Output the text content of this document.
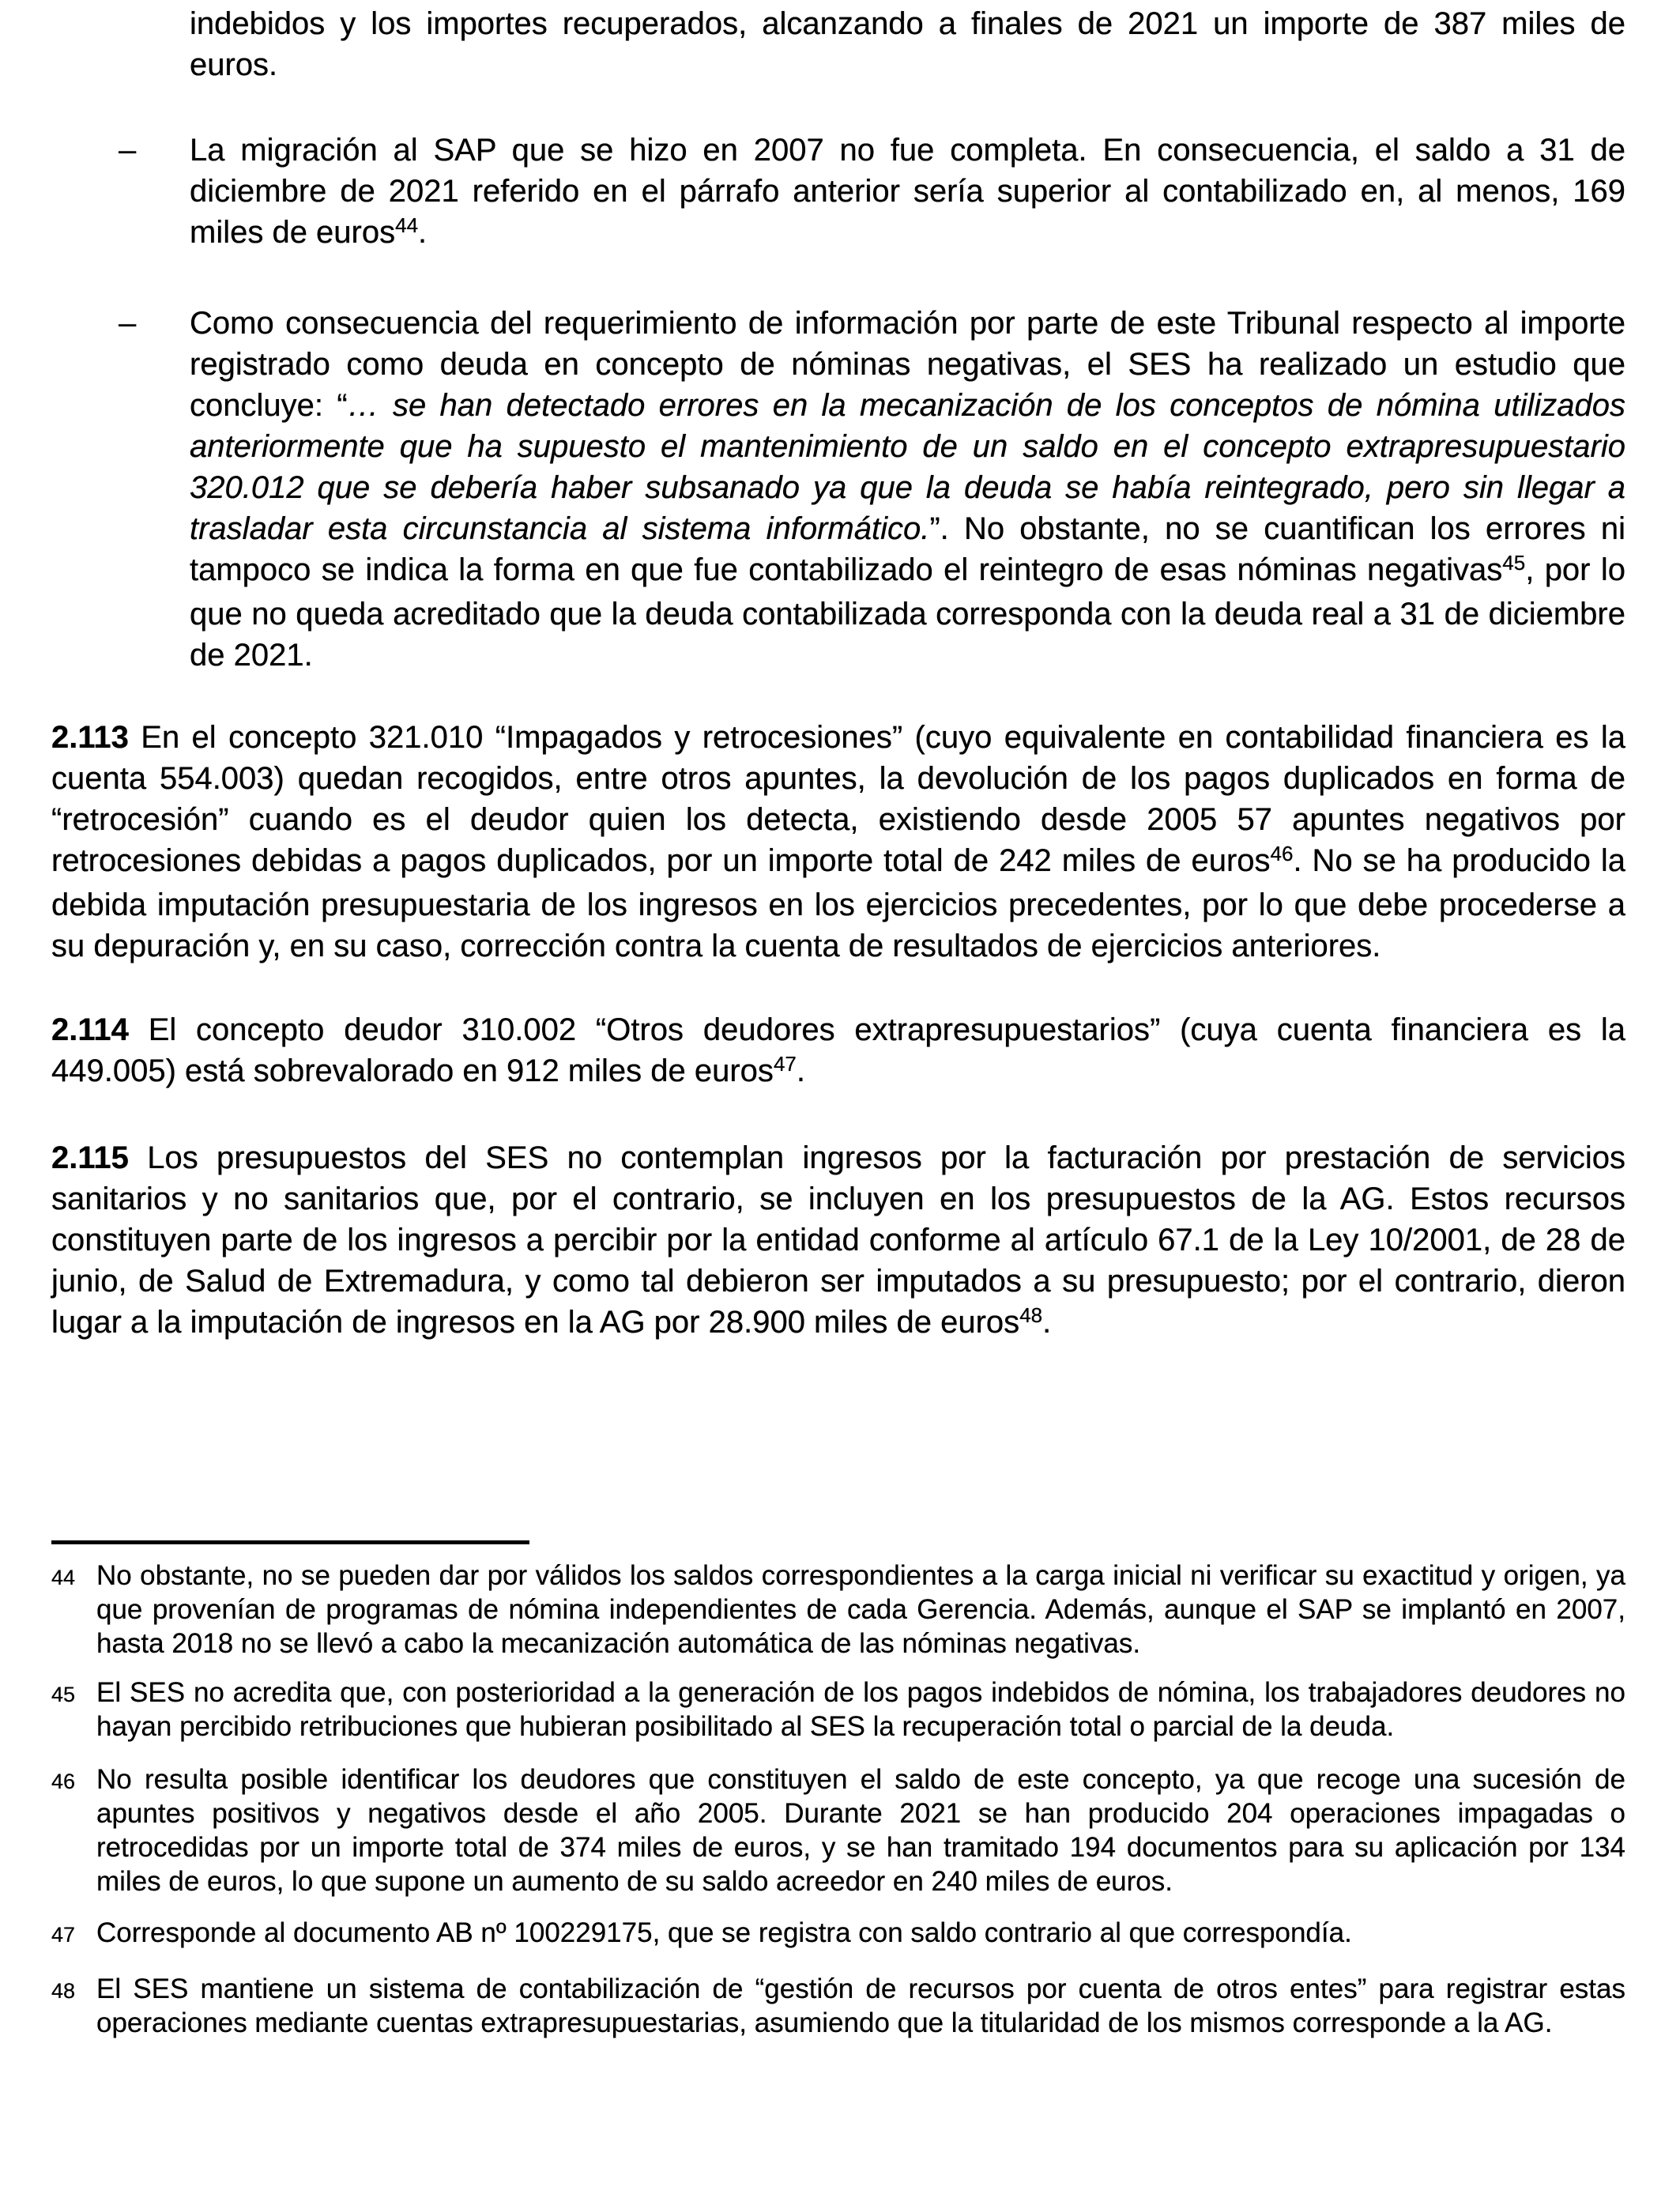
indebidos y los importes recuperados, alcanzando a finales de 2021 un importe de 387 miles de euros.
– La migración al SAP que se hizo en 2007 no fue completa. En consecuencia, el saldo a 31 de diciembre de 2021 referido en el párrafo anterior sería superior al contabilizado en, al menos, 169 miles de euros$^{44}$.
– Como consecuencia del requerimiento de información por parte de este Tribunal respecto al importe registrado como deuda en concepto de nóminas negativas, el SES ha realizado un estudio que concluye: “… se han detectado errores en la mecanización de los conceptos de nómina utilizados anteriormente que ha supuesto el mantenimiento de un saldo en el concepto extrapresupuestario 320.012 que se debería haber subsanado ya que la deuda se había reintegrado, pero sin llegar a trasladar esta circunstancia al sistema informático.”. No obstante, no se cuantifican los errores ni tampoco se indica la forma en que fue contabilizado el reintegro de esas nóminas negativas$^{45}$, por lo que no queda acreditado que la deuda contabilizada corresponda con la deuda real a 31 de diciembre de 2021.
2.113 En el concepto 321.010 “Impagados y retrocesiones” (cuyo equivalente en contabilidad financiera es la cuenta 554.003) quedan recogidos, entre otros apuntes, la devolución de los pagos duplicados en forma de “retrocesión” cuando es el deudor quien los detecta, existiendo desde 2005 57 apuntes negativos por retrocesiones debidas a pagos duplicados, por un importe total de 242 miles de euros$^{46}$. No se ha producido la debida imputación presupuestaria de los ingresos en los ejercicios precedentes, por lo que debe procederse a su depuración y, en su caso, corrección contra la cuenta de resultados de ejercicios anteriores.
2.114 El concepto deudor 310.002 “Otros deudores extrapresupuestarios” (cuya cuenta financiera es la 449.005) está sobrevalorado en 912 miles de euros$^{47}$.
2.115 Los presupuestos del SES no contemplan ingresos por la facturación por prestación de servicios sanitarios y no sanitarios que, por el contrario, se incluyen en los presupuestos de la AG. Estos recursos constituyen parte de los ingresos a percibir por la entidad conforme al artículo 67.1 de la Ley 10/2001, de 28 de junio, de Salud de Extremadura, y como tal debieron ser imputados a su presupuesto; por el contrario, dieron lugar a la imputación de ingresos en la AG por 28.900 miles de euros$^{48}$.
44 No obstante, no se pueden dar por válidos los saldos correspondientes a la carga inicial ni verificar su exactitud y origen, ya que provenían de programas de nómina independientes de cada Gerencia. Además, aunque el SAP se implantó en 2007, hasta 2018 no se llevó a cabo la mecanización automática de las nóminas negativas.
45 El SES no acredita que, con posterioridad a la generación de los pagos indebidos de nómina, los trabajadores deudores no hayan percibido retribuciones que hubieran posibilitado al SES la recuperación total o parcial de la deuda.
46 No resulta posible identificar los deudores que constituyen el saldo de este concepto, ya que recoge una sucesión de apuntes positivos y negativos desde el año 2005. Durante 2021 se han producido 204 operaciones impagadas o retrocedidas por un importe total de 374 miles de euros, y se han tramitado 194 documentos para su aplicación por 134 miles de euros, lo que supone un aumento de su saldo acreedor en 240 miles de euros.
47 Corresponde al documento AB nº 100229175, que se registra con saldo contrario al que correspondía.
48 El SES mantiene un sistema de contabilización de “gestión de recursos por cuenta de otros entes” para registrar estas operaciones mediante cuentas extrapresupuestarias, asumiendo que la titularidad de los mismos corresponde a la AG.
